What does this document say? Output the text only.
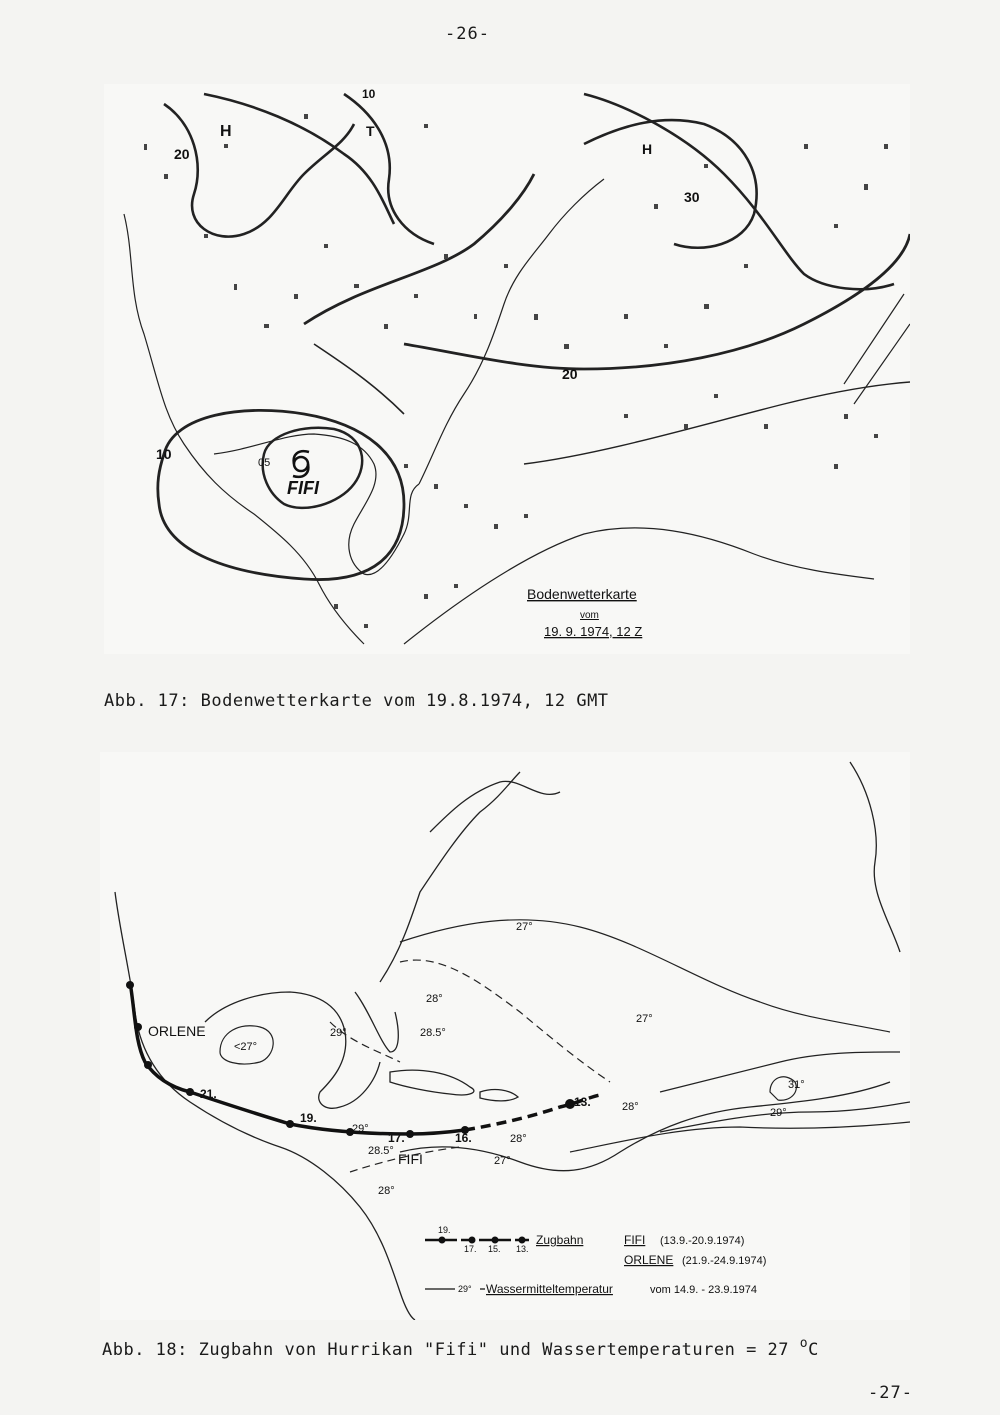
-26-
FIFI
10
20
30
20
10
05
H	T
H
Bodenwetterkarte
vom
19. 9. 1974, 12 Z
Abb. 17: Bodenwetterkarte vom 19.8.1974, 12 GMT
ORLENE
FIFI
21.
19.
17.	16.
13.
27°
28°
28.5°
29°
<27°
27°
28°
31°
29°
29°
28°
27°
28.5°
28°
19.
17. 15. 13.
Zugbahn	FIFI (13.9.-20.9.1974)
ORLENE (21.9.-24.9.1974)
29° Wassermitteltemperatur	vom 14.9. - 23.9.1974
Abb. 18: Zugbahn von Hurrikan "Fifi" und Wassertemperaturen = 27 $^o$C
-27-
